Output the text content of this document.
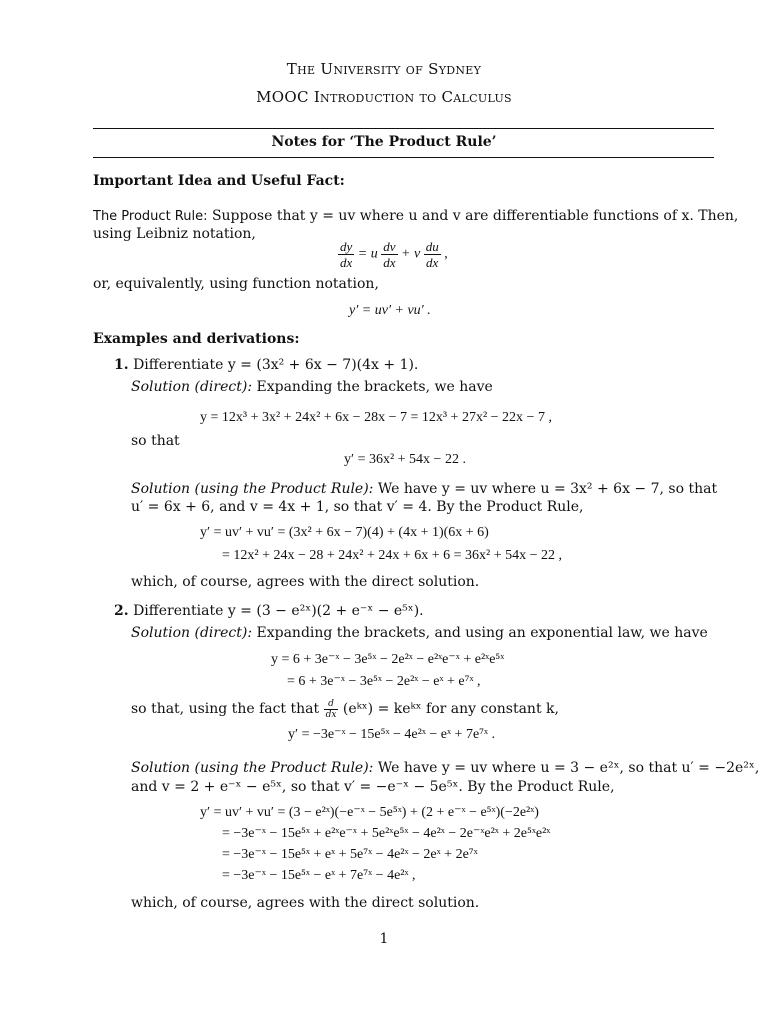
The University of Sydney
MOOC Introduction to Calculus
Notes for ‘The Product Rule’
Important Idea and Useful Fact:
The Product Rule: Suppose that y = uv where u and v are differentiable functions of x. Then,
using Leibniz notation,
$\frac{dy}{dx} = u \frac{dv}{dx} + v \frac{du}{dx}$ ,
or, equivalently, using function notation,
y′ = uv′ + vu′ .
Examples and derivations:
1. Differentiate y = (3x² + 6x − 7)(4x + 1).
Solution (direct): Expanding the brackets, we have
y = 12x³ + 3x² + 24x² + 6x − 28x − 7 = 12x³ + 27x² − 22x − 7 ,
so that
y′ = 36x² + 54x − 22 .
Solution (using the Product Rule): We have y = uv where u = 3x² + 6x − 7, so that
u′ = 6x + 6, and v = 4x + 1, so that v′ = 4. By the Product Rule,
y′ = uv′ + vu′ = (3x² + 6x − 7)(4) + (4x + 1)(6x + 6)
= 12x² + 24x − 28 + 24x² + 24x + 6x + 6 = 36x² + 54x − 22 ,
which, of course, agrees with the direct solution.
2. Differentiate y = (3 − e²ˣ)(2 + e⁻ˣ − e⁵ˣ).
Solution (direct): Expanding the brackets, and using an exponential law, we have
y = 6 + 3e⁻ˣ − 3e⁵ˣ − 2e²ˣ − e²ˣe⁻ˣ + e²ˣe⁵ˣ
= 6 + 3e⁻ˣ − 3e⁵ˣ − 2e²ˣ − eˣ + e⁷ˣ ,
so that, using the fact that $\frac{d}{dx}$ (eᵏˣ) = keᵏˣ for any constant k,
y′ = −3e⁻ˣ − 15e⁵ˣ − 4e²ˣ − eˣ + 7e⁷ˣ .
Solution (using the Product Rule): We have y = uv where u = 3 − e²ˣ, so that u′ = −2e²ˣ,
and v = 2 + e⁻ˣ − e⁵ˣ, so that v′ = −e⁻ˣ − 5e⁵ˣ. By the Product Rule,
y′ = uv′ + vu′ = (3 − e²ˣ)(−e⁻ˣ − 5e⁵ˣ) + (2 + e⁻ˣ − e⁵ˣ)(−2e²ˣ)
= −3e⁻ˣ − 15e⁵ˣ + e²ˣe⁻ˣ + 5e²ˣe⁵ˣ − 4e²ˣ − 2e⁻ˣe²ˣ + 2e⁵ˣe²ˣ
= −3e⁻ˣ − 15e⁵ˣ + eˣ + 5e⁷ˣ − 4e²ˣ − 2eˣ + 2e⁷ˣ
= −3e⁻ˣ − 15e⁵ˣ − eˣ + 7e⁷ˣ − 4e²ˣ ,
which, of course, agrees with the direct solution.
1
